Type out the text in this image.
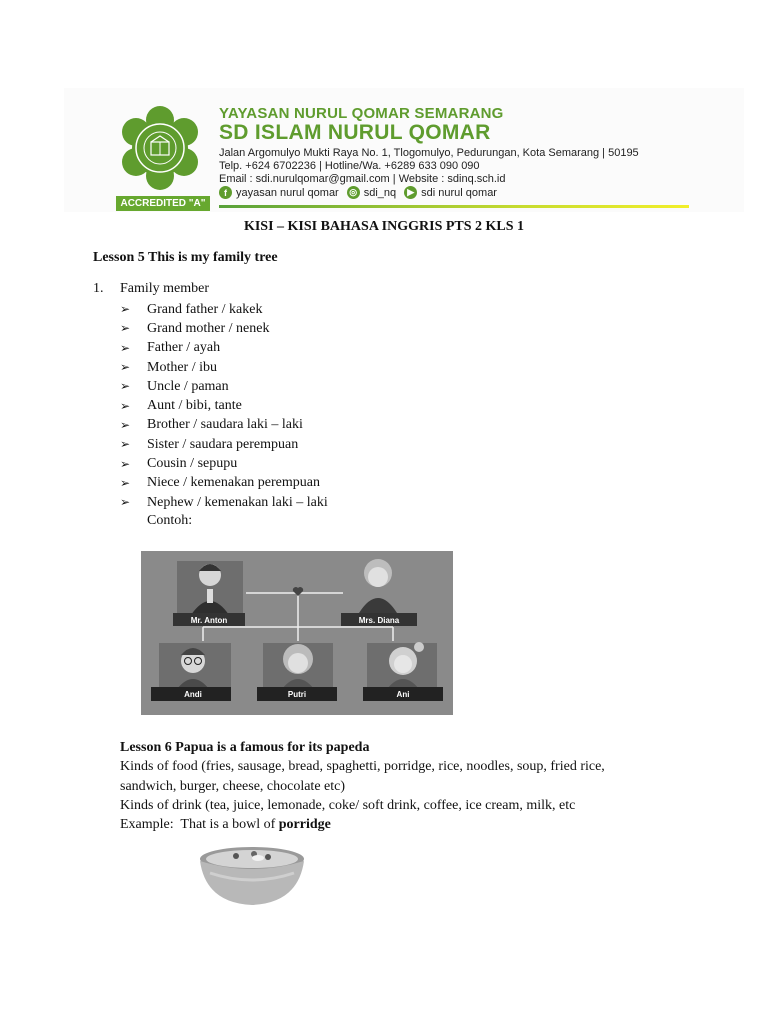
ACCREDITED "A"
YAYASAN NURUL QOMAR SEMARANG
SD ISLAM NURUL QOMAR
Jalan Argomulyo Mukti Raya No. 1, Tlogomulyo, Pedurungan, Kota Semarang | 50195
Telp. +624 6702236 | Hotline/Wa. +6289 633 090 090
Email : sdi.nurulqomar@gmail.com | Website : sdinq.sch.id
f yayasan nurul qomar ◎ sdi_nq	▶ sdi nurul qomar
KISI – KISI BAHASA INGGRIS PTS 2 KLS 1
Lesson 5 This is my family tree
1. Family member
➢	Grand father / kakek
➢	Grand mother / nenek
➢	Father / ayah
➢	Mother / ibu
➢	Uncle / paman
➢	Aunt / bibi, tante
➢	Brother / saudara laki – laki
➢	Sister / saudara perempuan
➢	Cousin / sepupu
➢	Niece / kemenakan perempuan
➢	Nephew / kemenakan laki – laki
Contoh:
Mr. Anton	Mrs. Diana
Andi	Putri	Ani
Lesson 6 Papua is a famous for its papeda
Kinds of food (fries, sausage, bread, spaghetti, porridge, rice, noodles, soup, fried rice,
sandwich, burger, cheese, chocolate etc)
Kinds of drink (tea, juice, lemonade, coke/ soft drink, coffee, ice cream, milk, etc
Example:  That is a bowl of porridge
